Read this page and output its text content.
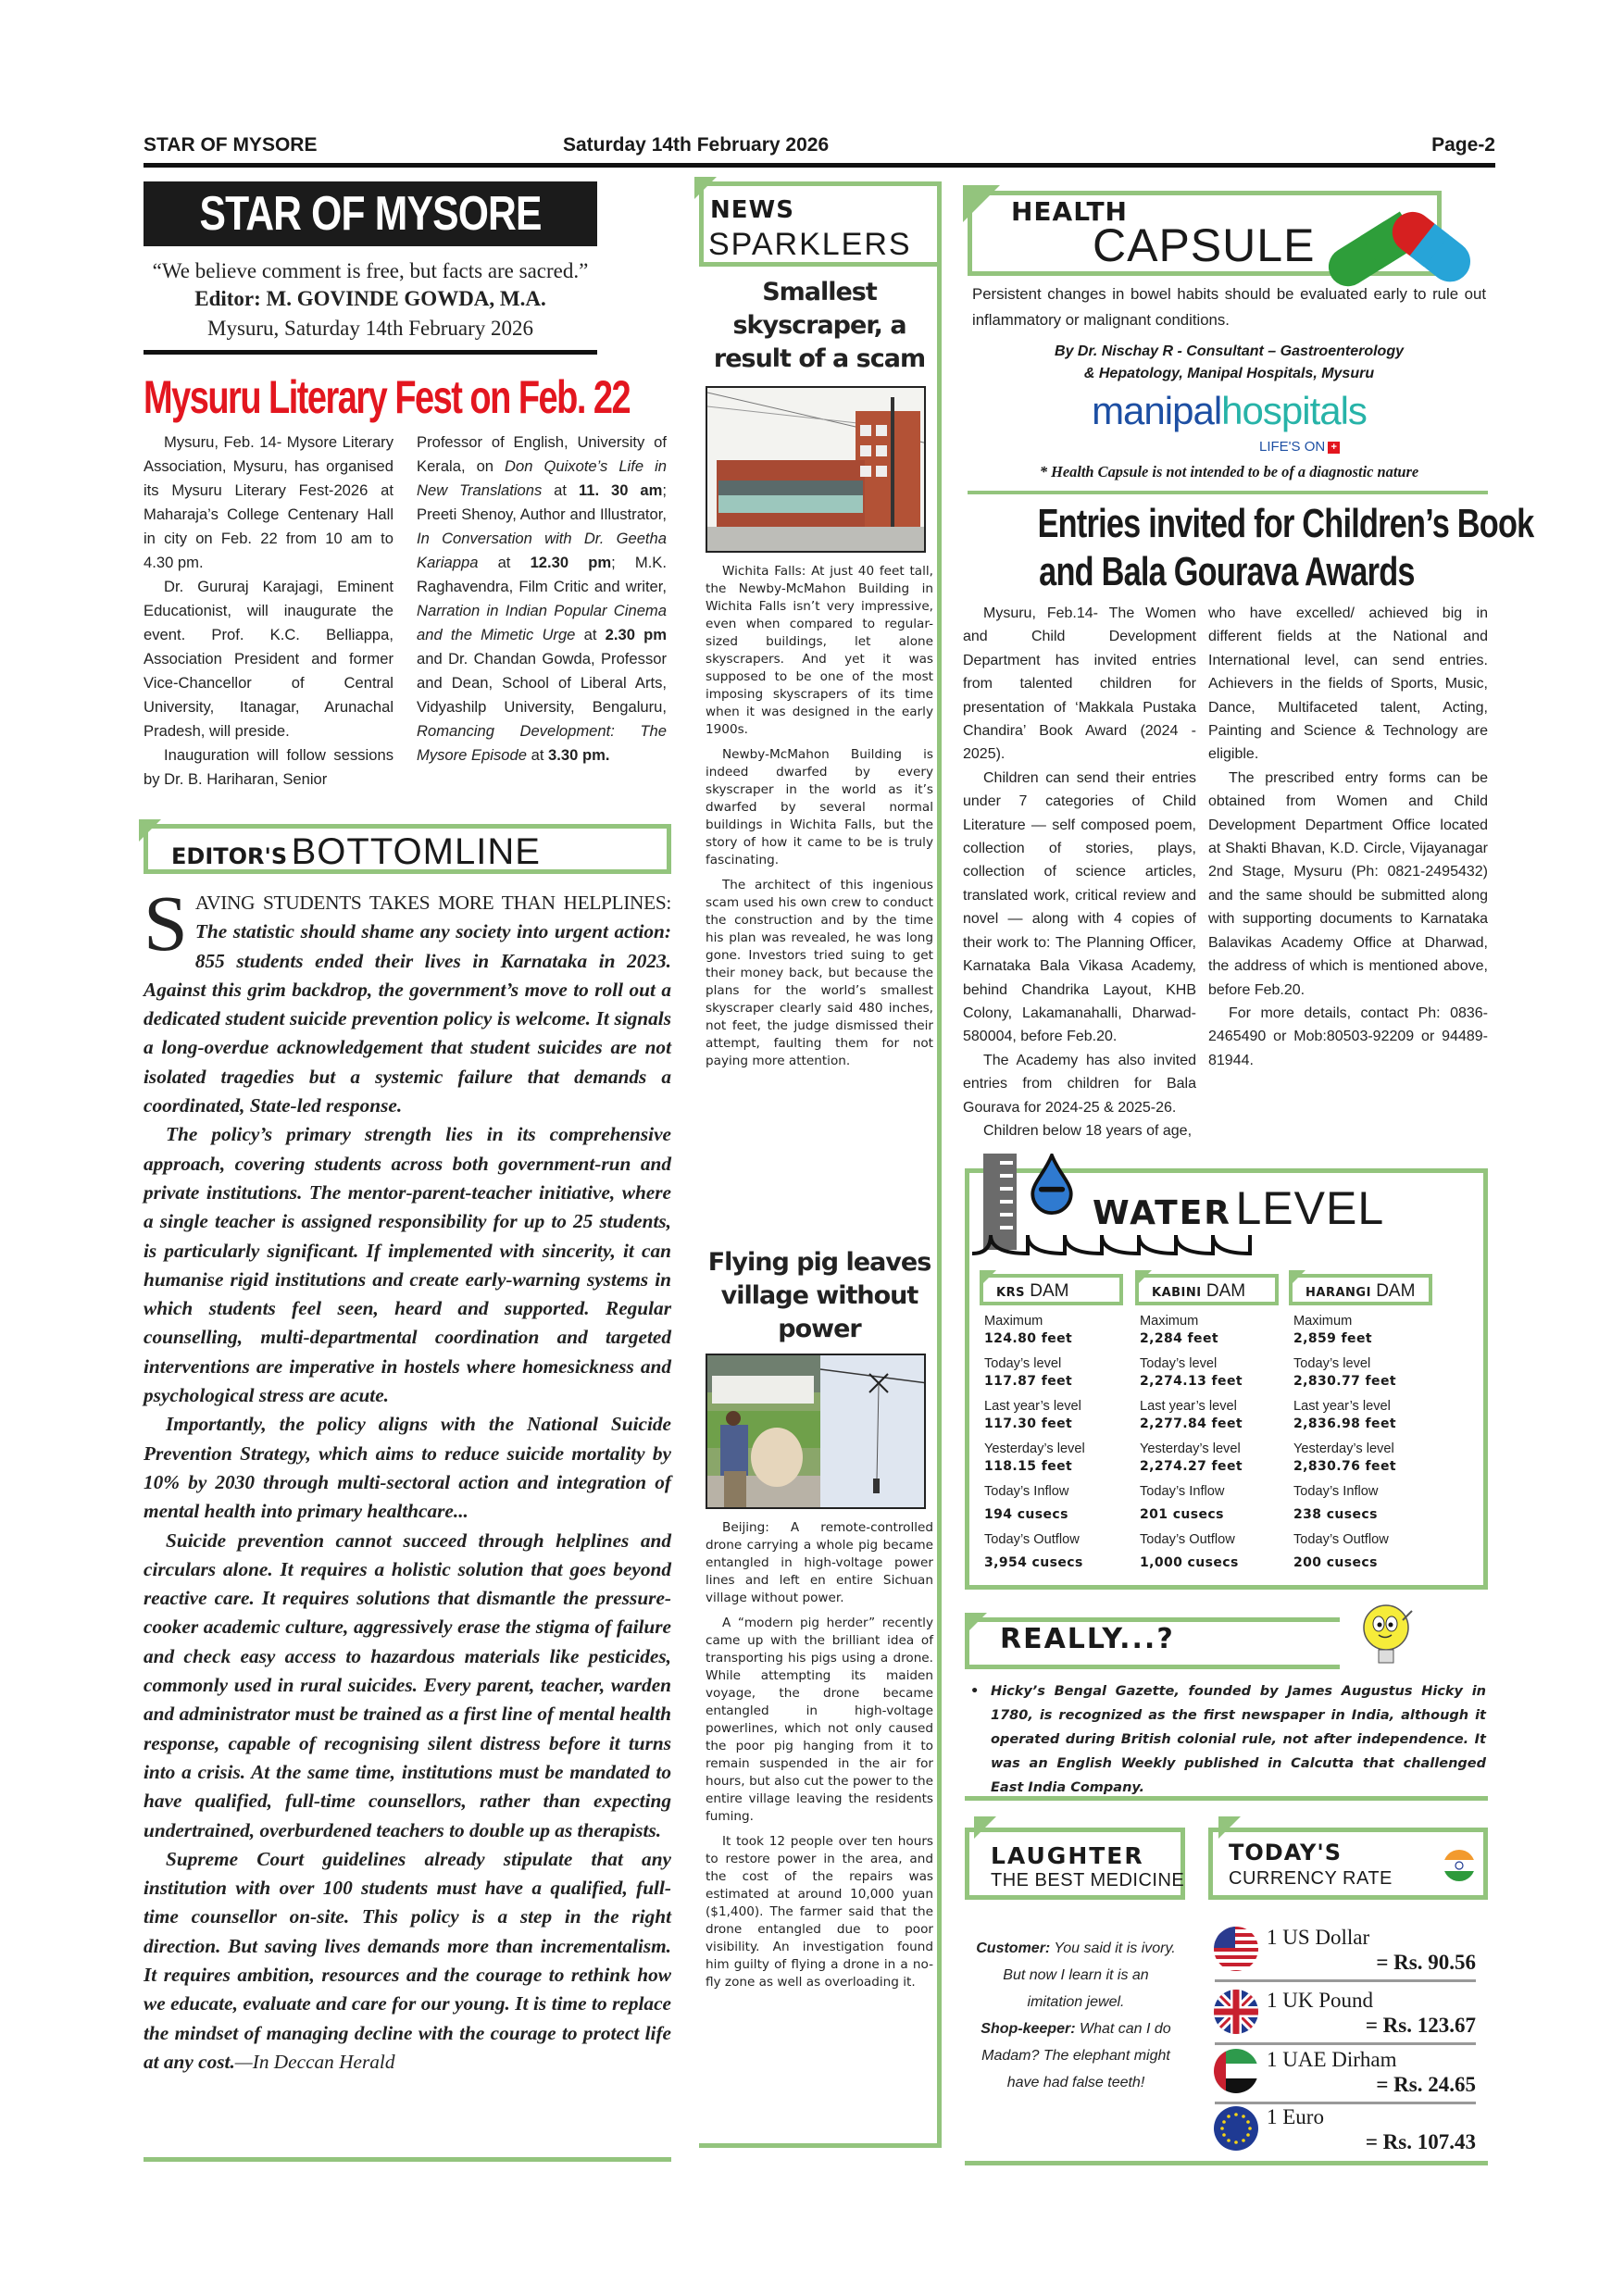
STAR OF MYSORE	Saturday 14th February 2026	Page-2
STAR OF MYSORE
“We believe comment is free, but facts are sacred.”
Editor: M. GOVINDE GOWDA, M.A.
Mysuru, Saturday 14th February 2026
Mysuru Literary Fest on Feb. 22

Mysuru, Feb. 14- Mysore Literary Association, Mysuru, has organised its Mysuru Literary Fest-2026 at Maharaja’s College Centenary Hall in city on Feb. 22 from 10 am to 4.30 pm.

Dr. Gururaj Karajagi, Eminent Educationist, will inaugurate the event. Prof. K.C. Belliappa, Association President and former Vice-Chancellor of Central University, Itanagar, Arunachal Pradesh, will preside.

Inauguration will follow sessions by Dr. B. Hariharan, Senior

Professor of English, University of Kerala, on Don Quixote’s Life in New Translations at 11. 30 am; Preeti Shenoy, Author and Illustrator, In Conversation with Dr. Geetha Kariappa at 12.30 pm; M.K. Raghavendra, Film Critic and writer, Narration in Indian Popular Cinema and the Mimetic Urge at 2.30 pm and Dr. Chandan Gowda, Professor and Dean, School of Liberal Arts, Vidyashilp University, Bengaluru, Romancing Development: The Mysore Episode at 3.30 pm.
EDITOR'S BOTTOMLINE

SAVING STUDENTS TAKES MORE THAN HELPLINES: The statistic should shame any society into urgent action: 855 students ended their lives in Karnataka in 2023. Against this grim backdrop, the government’s move to roll out a dedicated student suicide prevention policy is welcome. It signals a long-overdue acknowledgement that student suicides are not isolated tragedies but a systemic failure that demands a coordinated, State-led response.

The policy’s primary strength lies in its comprehensive approach, covering students across both government-run and private institutions. The mentor-parent-teacher initiative, where a single teacher is assigned responsibility for up to 25 students, is particularly significant. If implemented with sincerity, it can humanise rigid institutions and create early-warning systems in which students feel seen, heard and supported. Regular counselling, multi-departmental coordination and targeted interventions are imperative in hostels where homesickness and psychological stress are acute.

Importantly, the policy aligns with the National Suicide Prevention Strategy, which aims to reduce suicide mortality by 10% by 2030 through multi-sectoral action and integration of mental health into primary healthcare...

Suicide prevention cannot succeed through helplines and circulars alone. It requires a holistic solution that goes beyond reactive care. It requires solutions that dismantle the pressure-cooker academic culture, aggressively erase the stigma of failure and check easy access to hazardous materials like pesticides, commonly used in rural suicides. Every parent, teacher, warden and administrator must be trained as a first line of mental health response, capable of recognising silent distress before it turns into a crisis. At the same time, institutions must be mandated to have qualified, full-time counsellors, rather than expecting undertrained, overburdened teachers to double up as therapists.

Supreme Court guidelines already stipulate that any institution with over 100 students must have a qualified, full-time counsellor on-site. This policy is a step in the right direction. But saving lives demands more than incrementalism. It requires ambition, resources and the courage to rethink how we educate, evaluate and care for our young. It is time to replace the mindset of managing decline with the courage to protect life at any cost.—In Deccan Herald

NEWS
SPARKLERS
Smallest skyscraper, a result of a scam

Wichita Falls: At just 40 feet tall, the Newby-McMahon Building in Wichita Falls isn’t very impressive, even when compared to regular-sized buildings, let alone skyscrapers. And yet it was supposed to be one of the most imposing skyscrapers of its time when it was designed in the early 1900s.

Newby-McMahon Building is indeed dwarfed by every skyscraper in the world as it’s dwarfed by several normal buildings in Wichita Falls, but the story of how it came to be is truly fascinating.

The architect of this ingenious scam used his own crew to conduct the construction and by the time his plan was revealed, he was long gone. Investors tried suing to get their money back, but because the plans for the world’s smallest skyscraper clearly said 480 inches, not feet, the judge dismissed their attempt, faulting them for not paying more attention.

Flying pig leaves village without power

Beijing: A remote-controlled drone carrying a whole pig became entangled in high-voltage power lines and left en entire Sichuan village without power.

A “modern pig herder” recently came up with the brilliant idea of transporting his pigs using a drone. While attempting its maiden voyage, the drone became entangled in high-voltage powerlines, which not only caused the poor pig hanging from it to remain suspended in the air for hours, but also cut the power to the entire village leaving the residents fuming.

It took 12 people over ten hours to restore power in the area, and the cost of the repairs was estimated at around 10,000 yuan ($1,400). The farmer said that the drone entangled due to poor visibility. An investigation found him guilty of flying a drone in a no-fly zone as well as overloading it.

HEALTH
CAPSULE
Persistent changes in bowel habits should be evaluated early to rule out inflammatory or malignant conditions.
By Dr. Nischay R - Consultant – Gastroenterology
& Hepatology, Manipal Hospitals, Mysuru
manipalhospitals
LIFE'S ON +
* Health Capsule is not intended to be of a diagnostic nature
Entries invited for Children’s Book
and Bala Gourava Awards

Mysuru, Feb.14- The Women and Child Development Department has invited entries from talented children for presentation of ‘Makkala Pustaka Chandira’ Book Award (2024 - 2025).

Children can send their entries under 7 categories of Child Literature — self composed poem, collection of stories, plays, collection of science articles, translated work, critical review and novel — along with 4 copies of their work to: The Planning Officer, Karnataka Bala Vikasa Academy, behind Chandrika Layout, KHB Colony, Lakamanahalli, Dharwad-580004, before Feb.20.

The Academy has also invited entries from children for Bala Gourava for 2024-25 & 2025-26.

Children below 18 years of age,

who have excelled/ achieved big in different fields at the National and International level, can send entries. Achievers in the fields of Sports, Music, Dance, Multifaceted talent, Acting, Painting and Science & Technology are eligible.

The prescribed entry forms can be obtained from Women and Child Development Department Office located at Shakti Bhavan, K.D. Circle, Vijayanagar 2nd Stage, Mysuru (Ph: 0821-2495432) and the same should be submitted along with supporting documents to Karnataka Balavikas Academy Office at Dharwad, the address of which is mentioned above, before Feb.20.

For more details, contact Ph: 0836-2465490 or Mob:80503-92209 or 94489-81944.

WATER LEVEL
KRS DAM
Maximum
124.80 feet
Today’s level
117.87 feet
Last year’s level
117.30 feet
Yesterday’s level
118.15 feet
Today’s Inflow
194 cusecs
Today’s Outflow
3,954 cusecs
KABINI DAM
Maximum
2,284 feet
Today’s level
2,274.13 feet
Last year’s level
2,277.84 feet
Yesterday’s level
2,274.27 feet
Today’s Inflow
201 cusecs
Today’s Outflow
1,000 cusecs
HARANGI DAM
Maximum
2,859 feet
Today’s level
2,830.77 feet
Last year’s level
2,836.98 feet
Yesterday’s level
2,830.76 feet
Today’s Inflow
238 cusecs
Today’s Outflow
200 cusecs
REALLY...?
• Hicky’s Bengal Gazette, founded by James Augustus Hicky in 1780, is recognized as the first newspaper in India, although it operated during British colonial rule, not after independence. It was an English Weekly published in Calcutta that challenged East India Company.
LAUGHTER
THE BEST MEDICINE
Customer: You said it is ivory. But now I learn it is an imitation jewel.
Shop-keeper: What can I do Madam? The elephant might have had false teeth!
TODAY'S
CURRENCY RATE
1 US Dollar
= Rs. 90.56
1 UK Pound
= Rs. 123.67
1 UAE Dirham
= Rs. 24.65
1 Euro
= Rs. 107.43
